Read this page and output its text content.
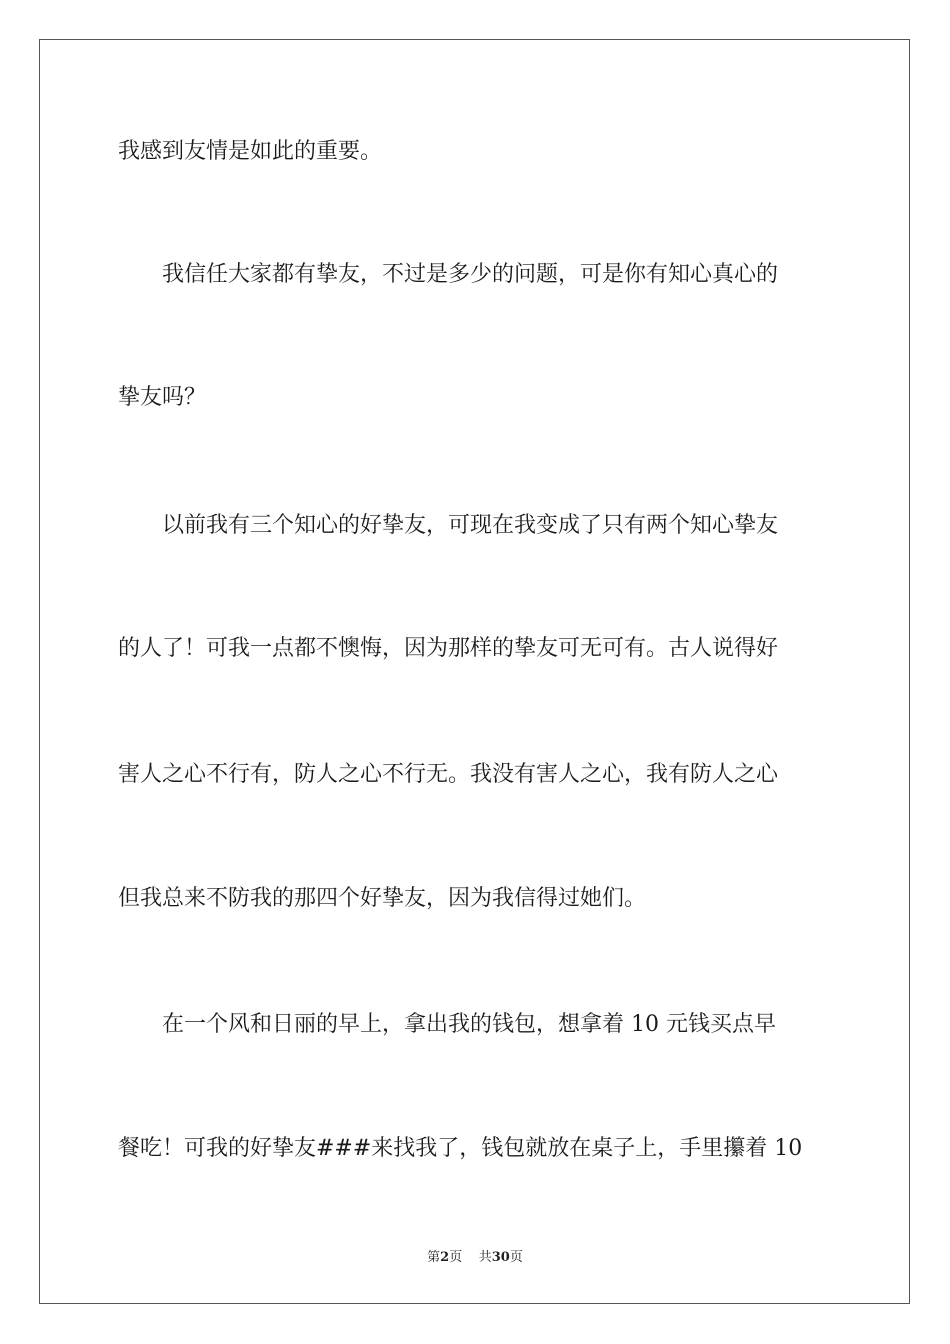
我感到友情是如此的重要。
　　我信任大家都有挚友，不过是多少的问题，可是你有知心真心的
挚友吗？
　　以前我有三个知心的好挚友，可现在我变成了只有两个知心挚友
的人了！可我一点都不懊悔，因为那样的挚友可无可有。古人说得好
害人之心不行有，防人之心不行无。我没有害人之心，我有防人之心
但我总来不防我的那四个好挚友，因为我信得过她们。
　　在一个风和日丽的早上，拿出我的钱包，想拿着 10 元钱买点早
餐吃！可我的好挚友###来找我了，钱包就放在桌子上，手里攥着 10
第2页 共30页
